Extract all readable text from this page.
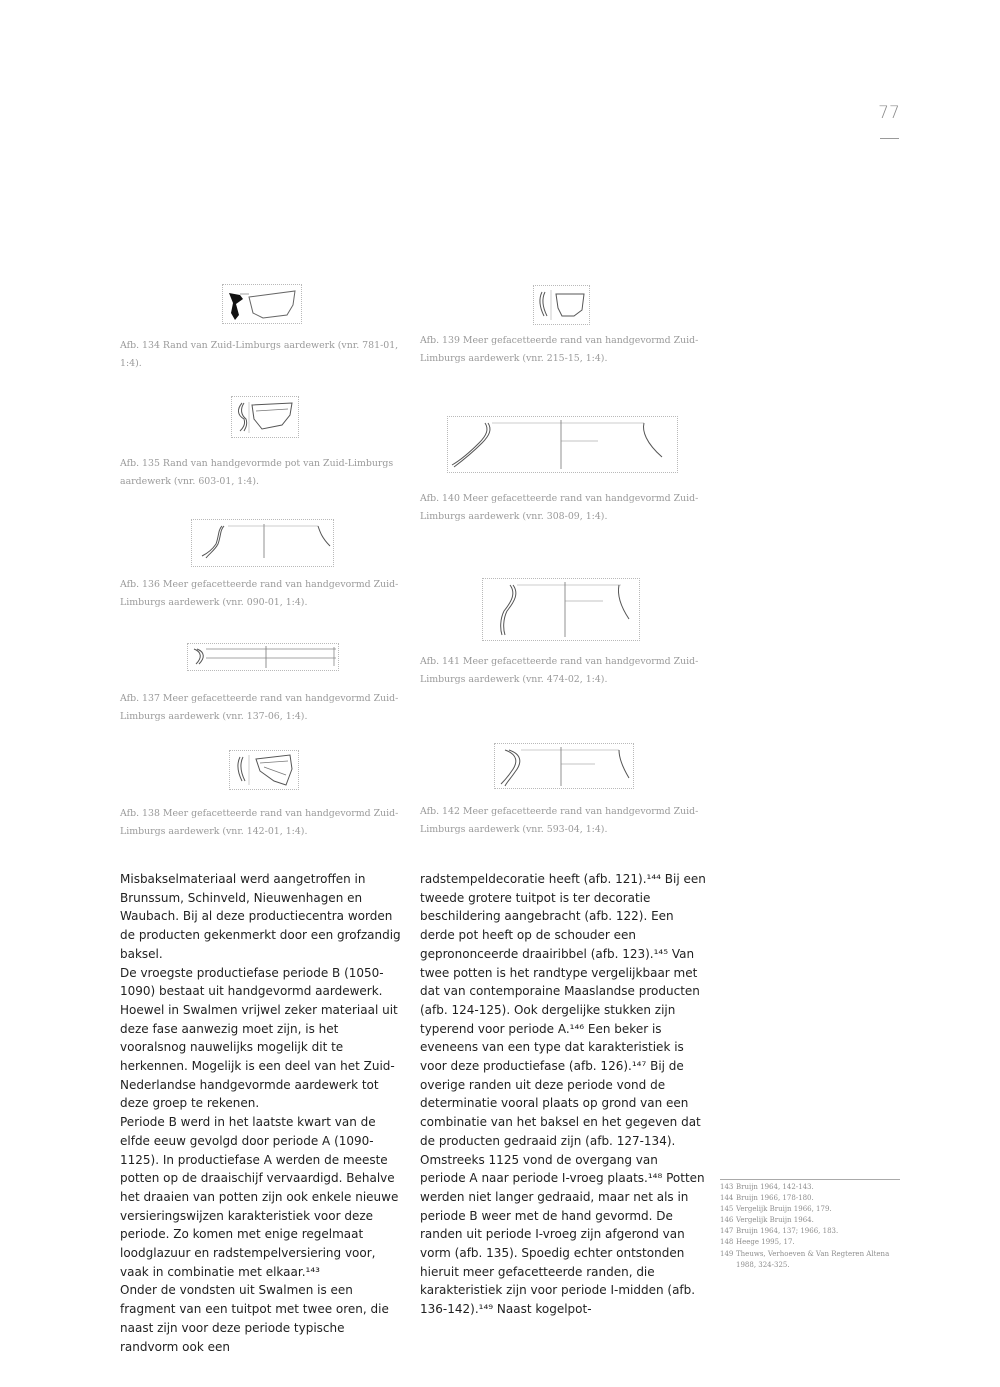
77
Afb. 134 Rand van Zuid-Limburgs aardewerk (vnr. 781-01, 1:4).
Afb. 135 Rand van handgevormde pot van Zuid-Limburgs aardewerk (vnr. 603-01, 1:4).
Afb. 136 Meer gefacetteerde rand van handgevormd Zuid-Limburgs aardewerk (vnr. 090-01, 1:4).
Afb. 137 Meer gefacetteerde rand van handgevormd Zuid-Limburgs aardewerk (vnr. 137-06, 1:4).
Afb. 138 Meer gefacetteerde rand van handgevormd Zuid-Limburgs aardewerk (vnr. 142-01, 1:4).
Afb. 139 Meer gefacetteerde rand van handgevormd Zuid-Limburgs aardewerk (vnr. 215-15, 1:4).
Afb. 140 Meer gefacetteerde rand van handgevormd Zuid-Limburgs aardewerk (vnr. 308-09, 1:4).
Afb. 141 Meer gefacetteerde rand van handgevormd Zuid-Limburgs aardewerk (vnr. 474-02, 1:4).
Afb. 142 Meer gefacetteerde rand van handgevormd Zuid-Limburgs aardewerk (vnr. 593-04, 1:4).

Misbakselmateriaal werd aangetroffen in Brunssum, Schinveld, Nieuwenhagen en Waubach. Bij al deze productiecentra worden de producten gekenmerkt door een grofzandig baksel.

De vroegste productiefase periode B (1050-1090) bestaat uit handgevormd aardewerk. Hoewel in Swalmen vrijwel zeker materiaal uit deze fase aanwezig moet zijn, is het vooralsnog nauwelijks mogelijk dit te herkennen. Mogelijk is een deel van het Zuid-Nederlandse handgevormde aardewerk tot deze groep te rekenen.

Periode B werd in het laatste kwart van de elfde eeuw gevolgd door periode A (1090-1125). In productiefase A werden de meeste potten op de draaischijf vervaardigd. Behalve het draaien van potten zijn ook enkele nieuwe versieringswijzen karakteristiek voor deze periode. Zo komen met enige regelmaat loodglazuur en radstempelversiering voor, vaak in combinatie met elkaar.¹⁴³

Onder de vondsten uit Swalmen is een fragment van een tuitpot met twee oren, die naast zijn voor deze periode typische randvorm ook een

radstempeldecoratie heeft (afb. 121).¹⁴⁴ Bij een tweede grotere tuitpot is ter decoratie beschildering aangebracht (afb. 122). Een derde pot heeft op de schouder een geprononceerde draairibbel (afb. 123).¹⁴⁵ Van twee potten is het randtype vergelijkbaar met dat van contemporaine Maaslandse producten (afb. 124-125). Ook dergelijke stukken zijn typerend voor periode A.¹⁴⁶ Een beker is eveneens van een type dat karakteristiek is voor deze productiefase (afb. 126).¹⁴⁷ Bij de overige randen uit deze periode vond de determinatie vooral plaats op grond van een combinatie van het baksel en het gegeven dat de producten gedraaid zijn (afb. 127-134). Omstreeks 1125 vond de overgang van periode A naar periode I-vroeg plaats.¹⁴⁸ Potten werden niet langer gedraaid, maar net als in periode B weer met de hand gevormd. De randen uit periode I-vroeg zijn afgerond van vorm (afb. 135). Spoedig echter ontstonden hieruit meer gefacetteerde randen, die karakteristiek zijn voor periode I-midden (afb. 136-142).¹⁴⁹ Naast kogelpot-

143 Bruijn 1964, 142-143.
144 Bruijn 1966, 178-180.
145 Vergelijk Bruijn 1966, 179.
146 Vergelijk Bruijn 1964.
147 Bruijn 1964, 137; 1966, 183.
148 Heege 1995, 17.
149 Theuws, Verhoeven & Van Regteren Altena 1988, 324-325.
